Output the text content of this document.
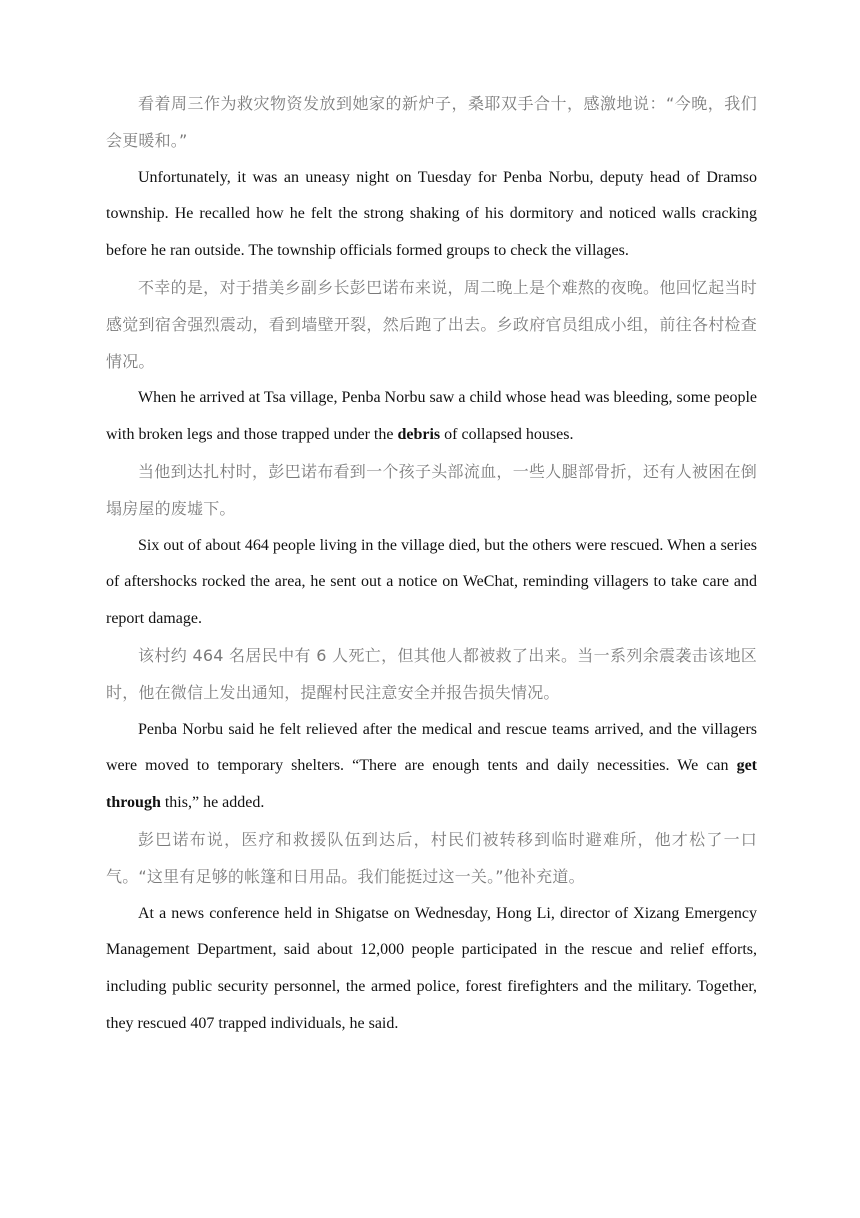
看着周三作为救灾物资发放到她家的新炉子，桑耶双手合十，感激地说：“今晚，我们会更暖和。”

Unfortunately, it was an uneasy night on Tuesday for Penba Norbu, deputy head of Dramso township. He recalled how he felt the strong shaking of his dormitory and noticed walls cracking before he ran outside. The township officials formed groups to check the villages.

不幸的是，对于措美乡副乡长彭巴诺布来说，周二晚上是个难熬的夜晚。他回忆起当时感觉到宿舍强烈震动，看到墙壁开裂，然后跑了出去。乡政府官员组成小组，前往各村检查情况。

When he arrived at Tsa village, Penba Norbu saw a child whose head was bleeding, some people with broken legs and those trapped under the debris of collapsed houses.

当他到达扎村时，彭巴诺布看到一个孩子头部流血，一些人腿部骨折，还有人被困在倒塌房屋的废墟下。

Six out of about 464 people living in the village died, but the others were rescued. When a series of aftershocks rocked the area, he sent out a notice on WeChat, reminding villagers to take care and report damage.

该村约 464 名居民中有 6 人死亡，但其他人都被救了出来。当一系列余震袭击该地区时，他在微信上发出通知，提醒村民注意安全并报告损失情况。

Penba Norbu said he felt relieved after the medical and rescue teams arrived, and the villagers were moved to temporary shelters. “There are enough tents and daily necessities. We can get through this,” he added.

彭巴诺布说，医疗和救援队伍到达后，村民们被转移到临时避难所，他才松了一口气。“这里有足够的帐篷和日用品。我们能挺过这一关。”他补充道。

At a news conference held in Shigatse on Wednesday, Hong Li, director of Xizang Emergency Management Department, said about 12,000 people participated in the rescue and relief efforts, including public security personnel, the armed police, forest firefighters and the military. Together, they rescued 407 trapped individuals, he said.
